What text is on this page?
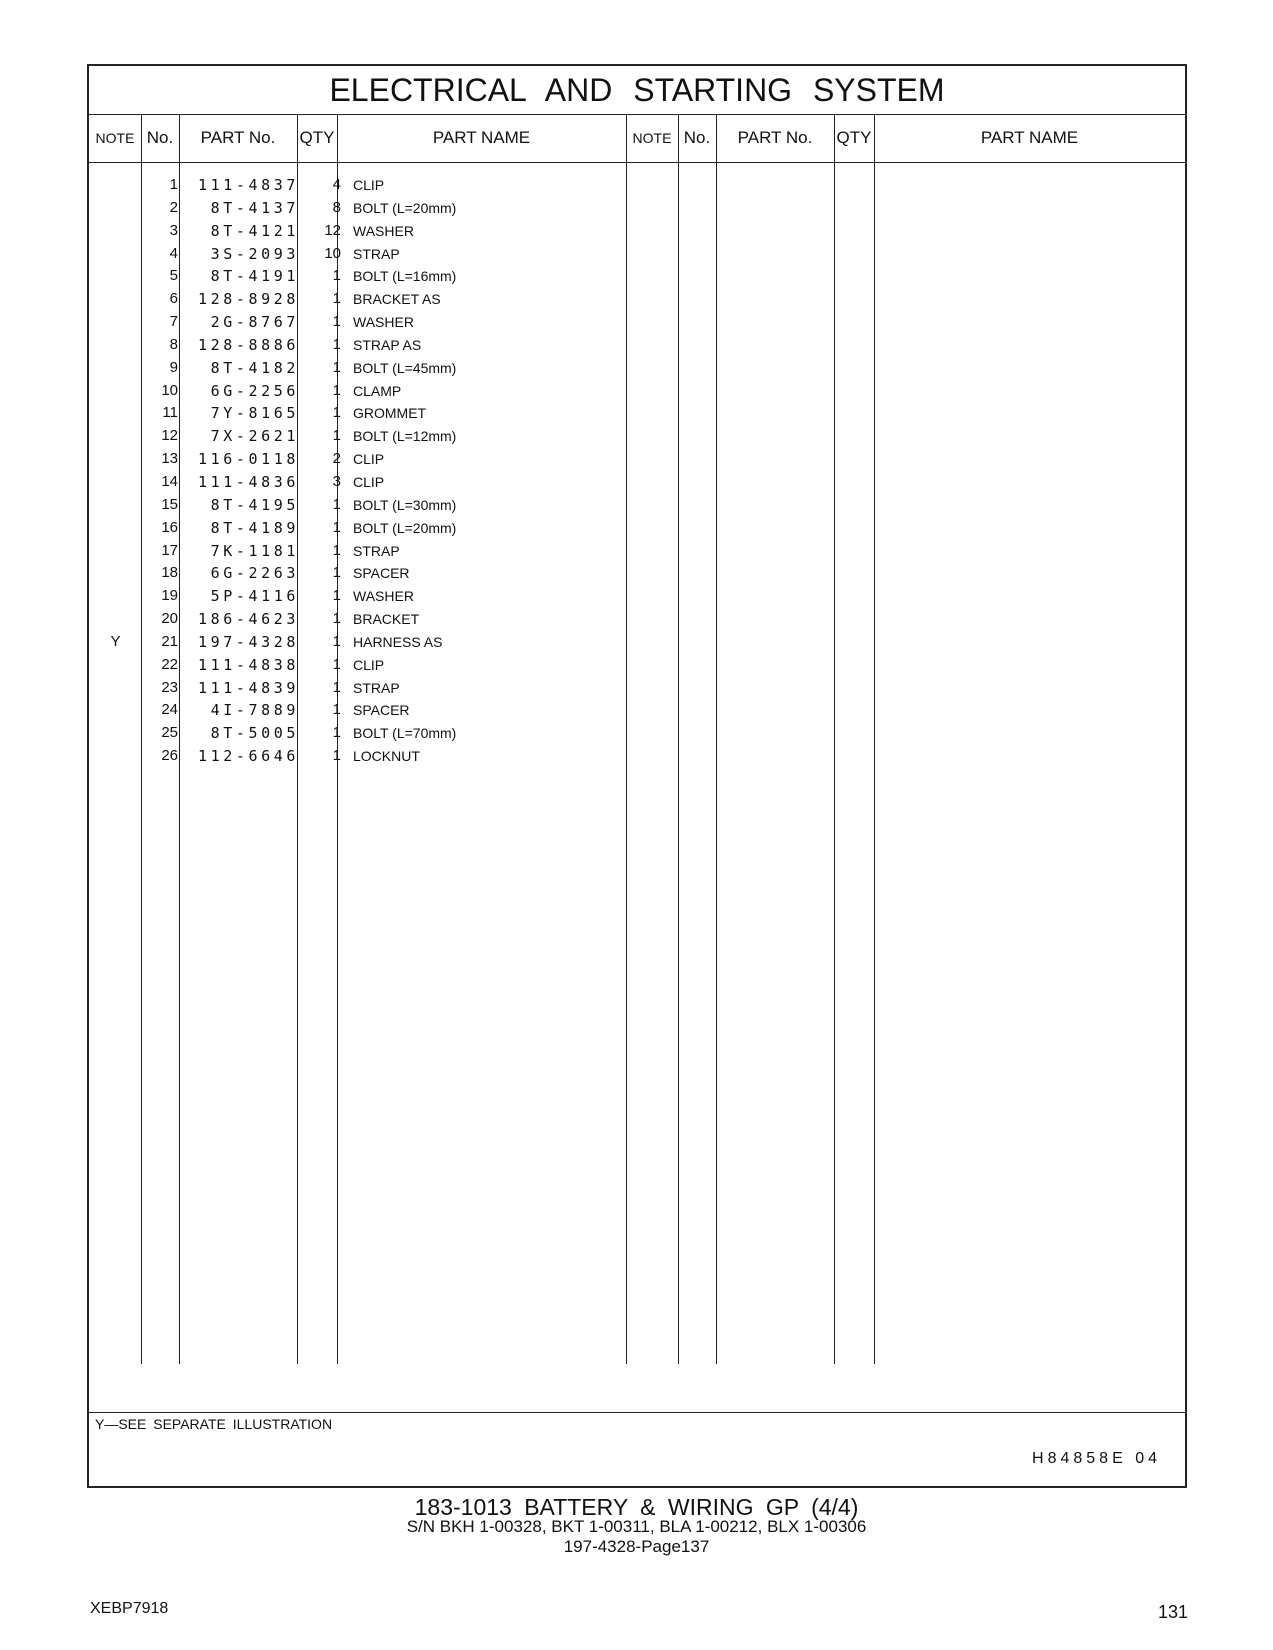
ELECTRICAL AND STARTING SYSTEM
NOTE No.	PART No.	QTY	PART NAME	NOTE No.	PART No.	QTY	PART NAME
1	111-4837	4 CLIP
2	8T-4137	8 BOLT (L=20mm)
3	8T-4121	12 WASHER
4	3S-2093	10 STRAP
5	8T-4191	1 BOLT (L=16mm)
6	128-8928	1 BRACKET AS
7	2G-8767	1 WASHER
8	128-8886	1 STRAP AS
9	8T-4182	1 BOLT (L=45mm)
10	6G-2256	1 CLAMP
11	7Y-8165	1 GROMMET
12	7X-2621	1 BOLT (L=12mm)
13	116-0118	2 CLIP
14	111-4836	3 CLIP
15	8T-4195	1 BOLT (L=30mm)
16	8T-4189	1 BOLT (L=20mm)
17	7K-1181	1 STRAP
18	6G-2263	1 SPACER
19	5P-4116	1 WASHER
20	186-4623	1 BRACKET
Y	21	197-4328	1 HARNESS AS
22	111-4838	1 CLIP
23	111-4839	1 STRAP
24	4I-7889	1 SPACER
25	8T-5005	1 BOLT (L=70mm)
26	112-6646	1 LOCKNUT
Y—SEE SEPARATE ILLUSTRATION
H84858E 04
183-1013 BATTERY & WIRING GP (4/4)
S/N BKH 1-00328, BKT 1-00311, BLA 1-00212, BLX 1-00306
197-4328-Page137
XEBP7918	131
